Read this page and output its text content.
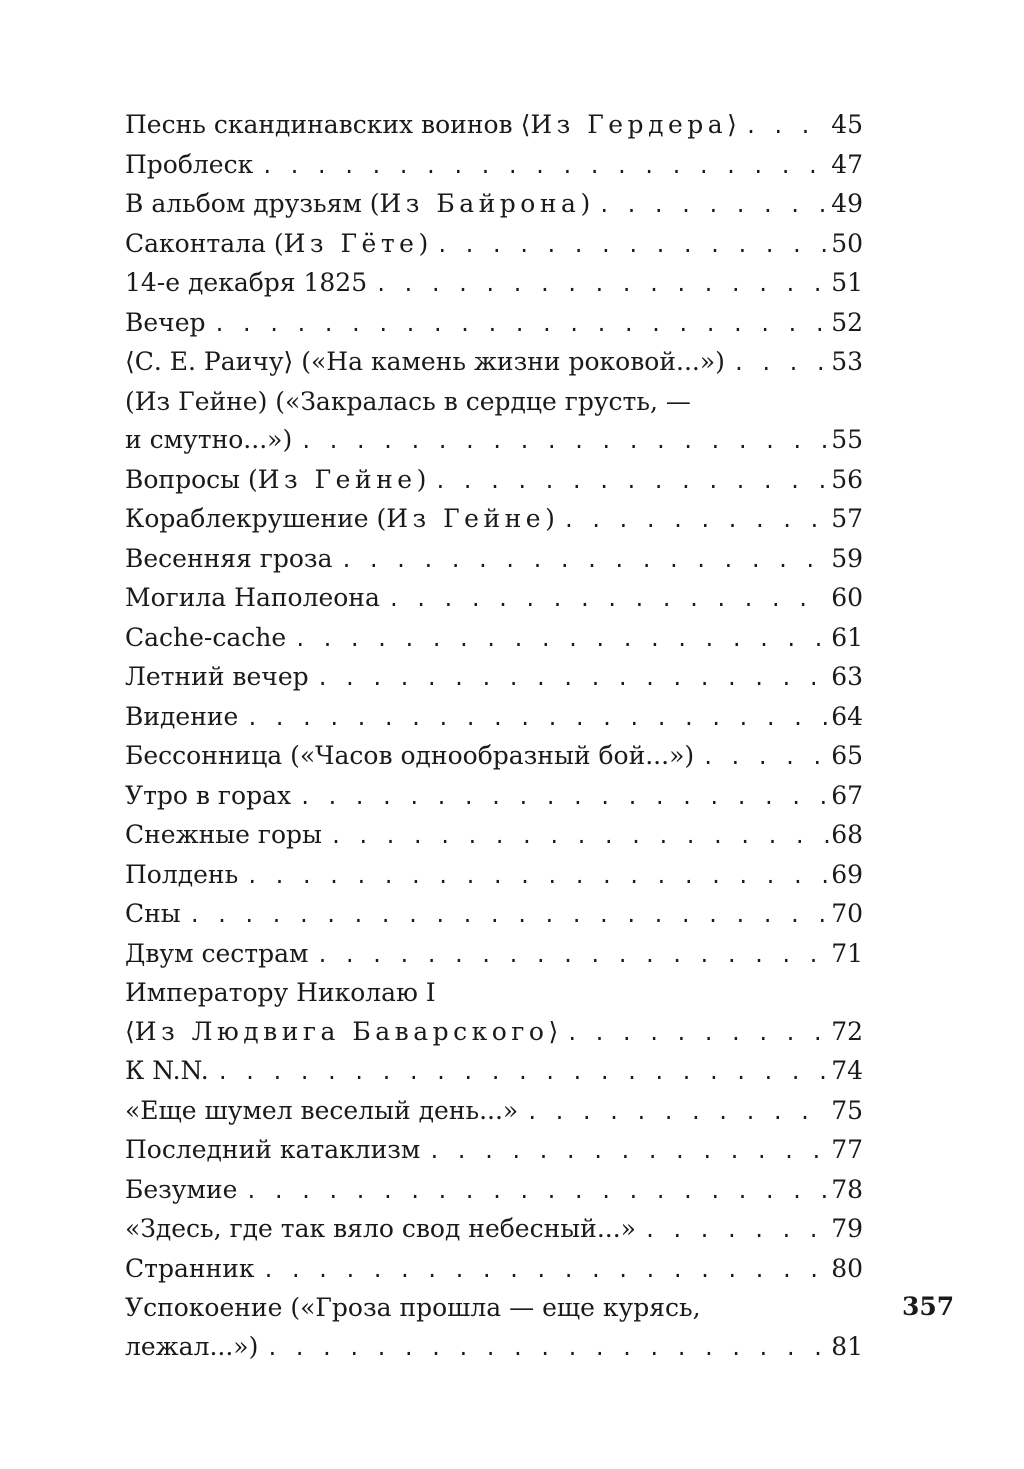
Песнь скандинавских воинов ⟨Из Гердера⟩ . . .	45
Проблеск . . .	47
В альбом друзьям (Из Байрона) . . .	49
Саконтала (Из Гёте) . . .	50
14-е декабря 1825 . . .	51
Вечер . . .	52
⟨С. Е. Раичу⟩ («На камень жизни роковой...») . . .	53
(Из Гейне) («Закралась в сердце грусть, —
и смутно...») . . .	55
Вопросы (Из Гейне) . . .	56
Кораблекрушение (Из Гейне) . . .	57
Весенняя гроза . . .	59
Могила Наполеона . . .	60
Cache-cache . . .	61
Летний вечер . . .	63
Видение . . .	64
Бессонница («Часов однообразный бой...») . . .	65
Утро в горах . . .	67
Снежные горы . . .	68
Полдень . . .	69
Сны . . .	70
Двум сестрам . . .	71
Императору Николаю I
⟨Из Людвига Баварского⟩ . . .	72
К N.N. . . .	74
«Еще шумел веселый день...» . . .	75
Последний катаклизм . . .	77
Безумие . . .	78
«Здесь, где так вяло свод небесный...» . . .	79
Странник . . .	80
Успокоение («Гроза прошла — еще курясь,
лежал...») . . .	81
357
